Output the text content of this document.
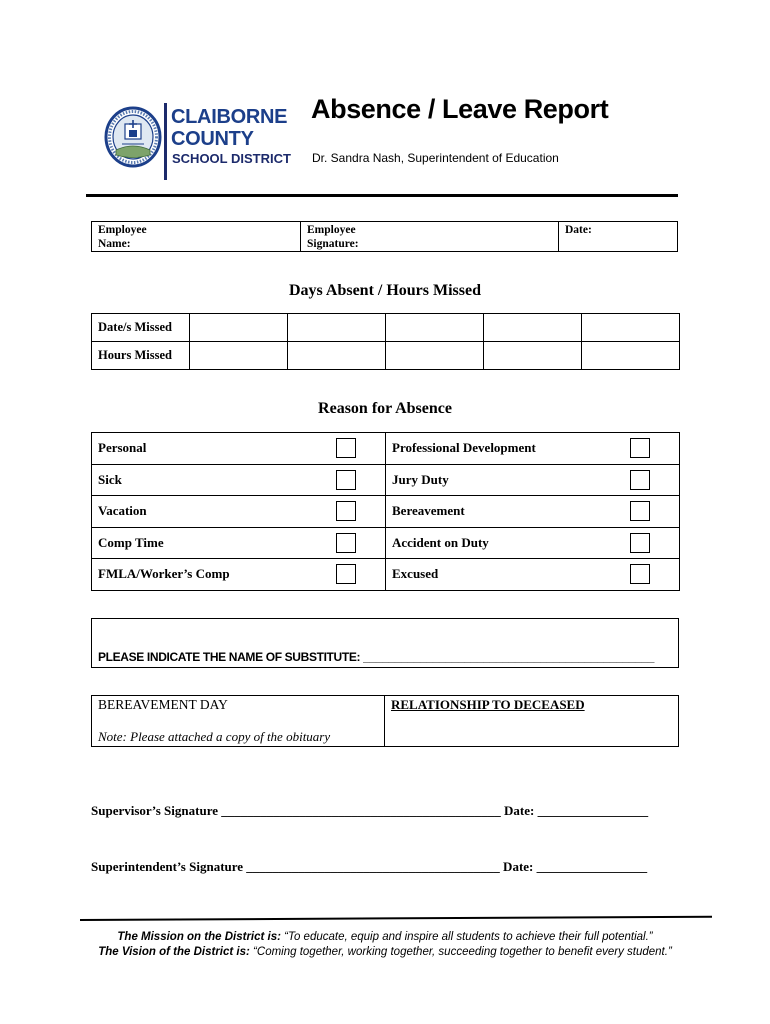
CLAIBORNE
COUNTY
SCHOOL DISTRICT
Absence / Leave Report
Dr. Sandra Nash, Superintendent of Education
Employee
Name:
Employee
Signature:
Date:
Days Absent / Hours Missed
Date/s Missed					
Hours Missed					
Reason for Absence
Personal	Professional Development

Sick	Jury Duty

Vacation	Bereavement

Comp Time	Accident on Duty

FMLA/Worker’s Comp	Excused
PLEASE INDICATE THE NAME OF SUBSTITUTE: ______________________________________________
BEREAVEMENT DAY
Note: Please attached a copy of the obituary
RELATIONSHIP TO DECEASED
Supervisor’s Signature ___________________________________________ Date: _________________
Superintendent’s Signature _______________________________________ Date: _________________
The Mission on the District is: “To educate, equip and inspire all students to achieve their full potential.”
The Vision of the District is: “Coming together, working together, succeeding together to benefit every student.”
